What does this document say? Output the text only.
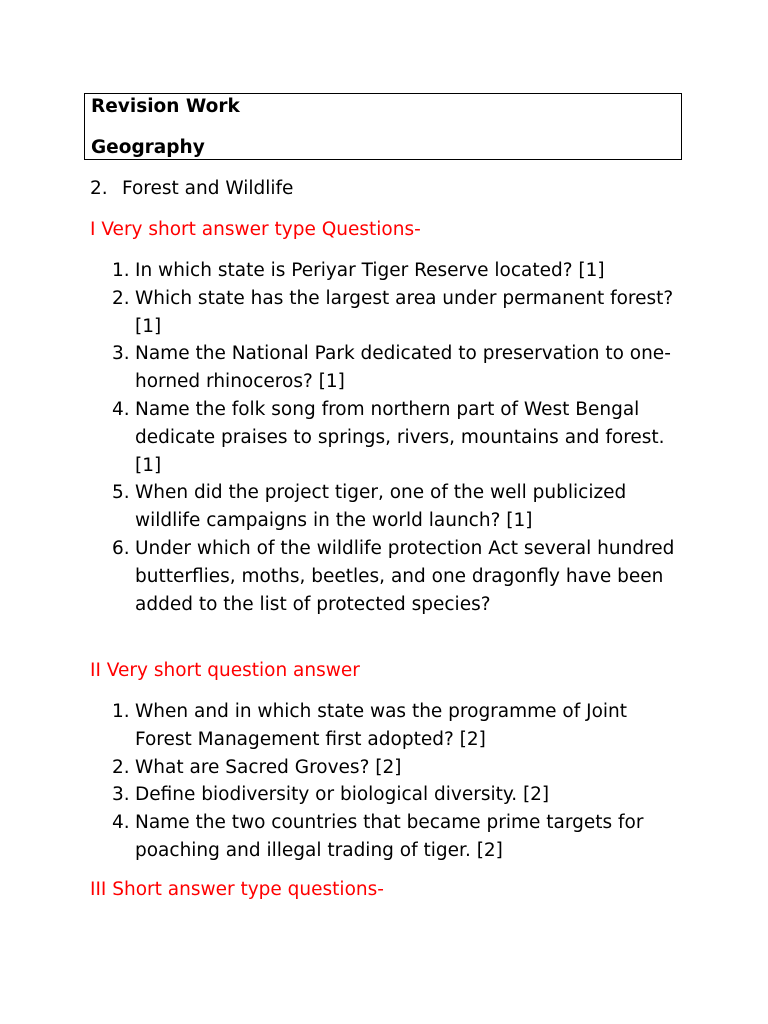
Revision Work
Geography
2. Forest and Wildlife
I Very short answer type Questions-
1. In which state is Periyar Tiger Reserve located? [1]
2. Which state has the largest area under permanent forest? [1]
3. Name the National Park dedicated to preservation to one-horned rhinoceros? [1]
4. Name the folk song from northern part of West Bengal dedicate praises to springs, rivers, mountains and forest. [1]
5. When did the project tiger, one of the well publicized wildlife campaigns in the world launch? [1]
6. Under which of the wildlife protection Act several hundred butterflies, moths, beetles, and one dragonfly have been added to the list of protected species?
II Very short question answer
1. When and in which state was the programme of Joint Forest Management first adopted? [2]
2. What are Sacred Groves? [2]
3. Define biodiversity or biological diversity. [2]
4. Name the two countries that became prime targets for poaching and illegal trading of tiger. [2]
III Short answer type questions-
